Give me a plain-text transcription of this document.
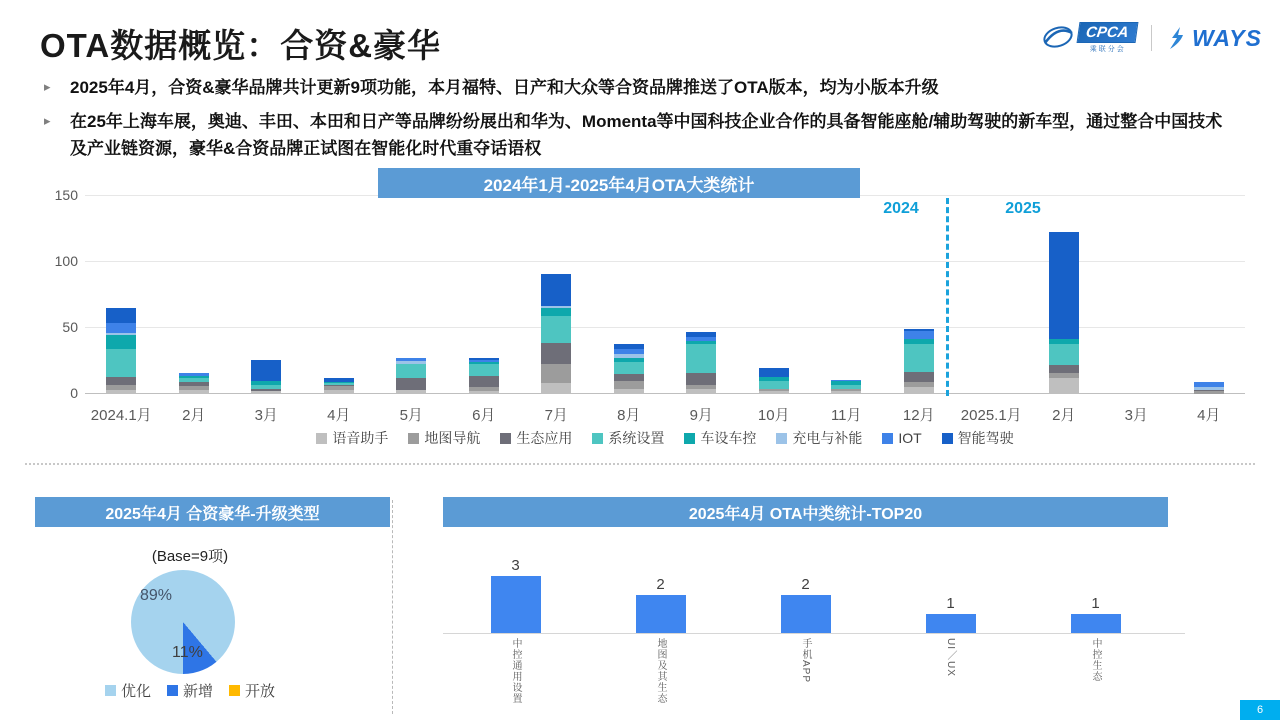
OTA数据概览：合资&豪华	CPCA
乘联分会	WAYS
▸	2025年4月，合资&豪华品牌共计更新9项功能，本月福特、日产和大众等合资品牌推送了OTA版本，均为小版本升级
▸	在25年上海车展，奥迪、丰田、本田和日产等品牌纷纷展出和华为、Momenta等中国科技企业合作的具备智能座舱/辅助驾驶的新车型，通过整合中国技术及产业链资源，豪华&合资品牌正试图在智能化时代重夺话语权
2024年1月-2025年4月OTA大类统计
0
50
100
150
2024	2025
2024.1月	2月	3月	4月	5月	6月	7月	8月	9月	10月	11月	12月	2025.1月	2月	3月	4月
语音助手	地图导航	生态应用	系统设置	车设车控	充电与补能	IOT	智能驾驶
2025年4月 合资豪华-升级类型
(Base=9项)
89%
11%
优化 新增 开放
2025年4月 OTA中类统计-TOP20
3
2	2
1	1
中控通用设置	地图及其生态	手机APP	UI／UX	中控生态
6
